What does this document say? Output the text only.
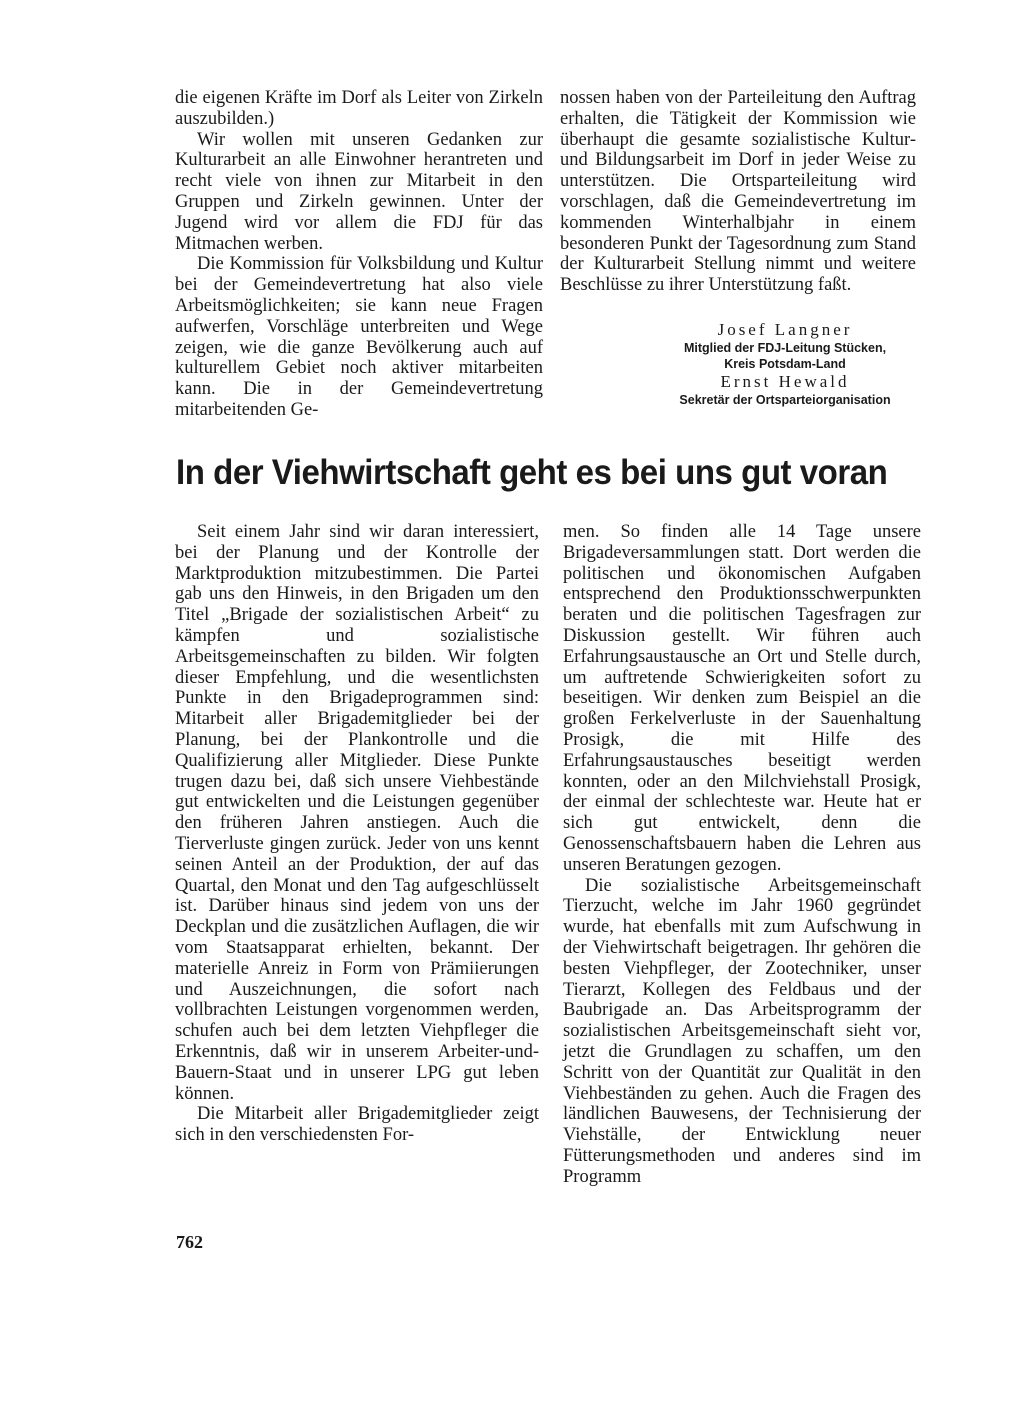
die eigenen Kräfte im Dorf als Leiter von Zirkeln auszubilden.)

Wir wollen mit unseren Gedanken zur Kulturarbeit an alle Einwohner herantreten und recht viele von ihnen zur Mitarbeit in den Gruppen und Zirkeln gewinnen. Unter der Jugend wird vor allem die FDJ für das Mitmachen werben.

Die Kommission für Volksbildung und Kultur bei der Gemeindevertretung hat also viele Arbeitsmöglichkeiten; sie kann neue Fragen aufwerfen, Vorschläge unterbreiten und Wege zeigen, wie die ganze Bevölkerung auch auf kulturellem Gebiet noch aktiver mitarbeiten kann. Die in der Gemeindevertretung mitarbeitenden Ge-

nossen haben von der Parteileitung den Auftrag erhalten, die Tätigkeit der Kommission wie überhaupt die gesamte sozialistische Kultur- und Bildungsarbeit im Dorf in jeder Weise zu unterstützen. Die Ortsparteileitung wird vorschlagen, daß die Gemeindevertretung im kommenden Winterhalbjahr in einem besonderen Punkt der Tagesordnung zum Stand der Kulturarbeit Stellung nimmt und weitere Beschlüsse zu ihrer Unterstützung faßt.

Josef Langner
Mitglied der FDJ-Leitung Stücken,
Kreis Potsdam-Land
Ernst Hewald
Sekretär der Ortsparteiorganisation
In der Viehwirtschaft geht es bei uns gut voran

Seit einem Jahr sind wir daran interessiert, bei der Planung und der Kontrolle der Marktproduktion mitzubestimmen. Die Partei gab uns den Hinweis, in den Brigaden um den Titel „Brigade der sozialistischen Arbeit“ zu kämpfen und sozialistische Arbeitsgemeinschaften zu bilden. Wir folgten dieser Empfehlung, und die wesentlichsten Punkte in den Brigadeprogrammen sind: Mitarbeit aller Brigademitglieder bei der Planung, bei der Plankontrolle und die Qualifizierung aller Mitglieder. Diese Punkte trugen dazu bei, daß sich unsere Viehbestände gut entwickelten und die Leistungen gegenüber den früheren Jahren anstiegen. Auch die Tierverluste gingen zurück. Jeder von uns kennt seinen Anteil an der Produktion, der auf das Quartal, den Monat und den Tag aufgeschlüsselt ist. Darüber hinaus sind jedem von uns der Deckplan und die zusätzlichen Auflagen, die wir vom Staatsapparat erhielten, bekannt. Der materielle Anreiz in Form von Prämiierungen und Auszeichnungen, die sofort nach vollbrachten Leistungen vorgenommen werden, schufen auch bei dem letzten Viehpfleger die Erkenntnis, daß wir in unserem Arbeiter-und-Bauern-Staat und in unserer LPG gut leben können.

Die Mitarbeit aller Brigademitglieder zeigt sich in den verschiedensten For-

men. So finden alle 14 Tage unsere Brigadeversammlungen statt. Dort werden die politischen und ökonomischen Aufgaben entsprechend den Produktionsschwerpunkten beraten und die politischen Tagesfragen zur Diskussion gestellt. Wir führen auch Erfahrungsaustausche an Ort und Stelle durch, um auftretende Schwierigkeiten sofort zu beseitigen. Wir denken zum Beispiel an die großen Ferkelverluste in der Sauenhaltung Prosigk, die mit Hilfe des Erfahrungsaustausches beseitigt werden konnten, oder an den Milchviehstall Prosigk, der einmal der schlechteste war. Heute hat er sich gut entwickelt, denn die Genossenschaftsbauern haben die Lehren aus unseren Beratungen gezogen.

Die sozialistische Arbeitsgemeinschaft Tierzucht, welche im Jahr 1960 gegründet wurde, hat ebenfalls mit zum Aufschwung in der Viehwirtschaft beigetragen. Ihr gehören die besten Viehpfleger, der Zootechniker, unser Tierarzt, Kollegen des Feldbaus und der Baubrigade an. Das Arbeitsprogramm der sozialistischen Arbeitsgemeinschaft sieht vor, jetzt die Grundlagen zu schaffen, um den Schritt von der Quantität zur Qualität in den Viehbeständen zu gehen. Auch die Fragen des ländlichen Bauwesens, der Technisierung der Viehställe, der Entwicklung neuer Fütterungsmethoden und anderes sind im Programm

762
